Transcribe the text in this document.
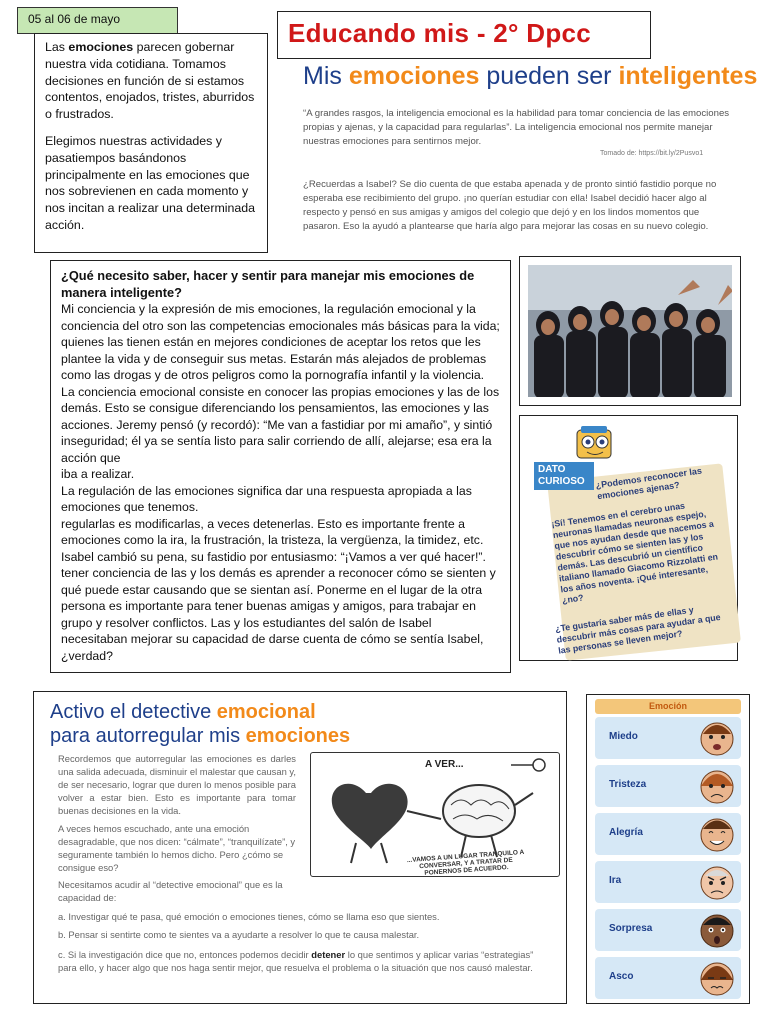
05 al 06 de mayo

Las emociones parecen gobernar nuestra vida cotidiana. Tomamos decisiones en función de si estamos contentos, enojados, tristes, aburridos o frustrados.

Elegimos nuestras actividades y pasatiempos basándonos principalmente en las emociones que nos sobrevienen en cada momento y nos incitan a realizar una determinada acción.

Educando mis - 2° Dpcc
Mis emociones pueden ser inteligentes
“A grandes rasgos, la inteligencia emocional es la habilidad para tomar conciencia de las emociones propias y ajenas, y la capacidad para regularlas”. La inteligencia emocional nos permite manejar nuestras emociones para sentirnos mejor.
Tomado de: https://bit.ly/2Pusvo1
¿Recuerdas a Isabel? Se dio cuenta de que estaba apenada y de pronto sintió fastidio porque no esperaba ese recibimiento del grupo. ¡no querían estudiar con ella! Isabel decidió hacer algo al respecto y pensó en sus amigas y amigos del colegio que dejó y en los lindos momentos que pasaron. Eso la ayudó a plantearse que haría algo para mejorar las cosas en su nuevo colegio.

¿Qué necesito saber, hacer y sentir para manejar mis emociones de manera inteligente?

Mi conciencia y la expresión de mis emociones, la regulación emocional y la conciencia del otro son las competencias emocionales más básicas para la vida; quienes las tienen están en mejores condiciones de aceptar los retos que les plantee la vida y de conseguir sus metas. Estarán más alejados de problemas como las drogas y de otros peligros como la pornografía infantil y la violencia. La conciencia emocional consiste en conocer las propias emociones y las de los demás. Esto se consigue diferenciando los pensamientos, las emociones y las acciones. Jeremy pensó (y recordó): “Me van a fastidiar por mi amaño”, y sintió inseguridad; él ya se sentía listo para salir corriendo de allí, alejarse; esa era la acción que

iba a realizar.

La regulación de las emociones significa dar una respuesta apropiada a las emociones que tenemos.

regularlas es modificarlas, a veces detenerlas. Esto es importante frente a emociones como la ira, la frustración, la tristeza, la vergüenza, la timidez, etc. Isabel cambió su pena, su fastidio por entusiasmo: “¡Vamos a ver qué hacer!”. tener conciencia de las y los demás es aprender a reconocer cómo se sienten y qué puede estar causando que se sientan así. Ponerme en el lugar de la otra persona es importante para tener buenas amigas y amigos, para trabajar en grupo y resolver conflictos. Las y los estudiantes del salón de Isabel necesitaban mejorar su capacidad de darse cuenta de cómo se sentía Isabel, ¿verdad?

DATO CURIOSO	¿Podemos reconocer las emociones ajenas?
¡Sí! Tenemos en el cerebro unas neuronas llamadas neuronas espejo, que nos ayudan desde que nacemos a descubrir cómo se sienten las y los demás. Las descubrió un científico italiano llamado Giacomo Rizzolatti en los años noventa. ¡Qué interesante, ¿no?
¿Te gustaría saber más de ellas y descubrir más cosas para ayudar a que las personas se lleven mejor?
Activo el detective emocional
para autorregular mis emociones
Recordemos que autorregular las emociones es darles una salida adecuada, disminuir el malestar que causan y, de ser necesario, lograr que duren lo menos posible para volver a estar bien. Esto es importante para tomar buenas decisiones en la vida.
A veces hemos escuchado, ante una emoción desagradable, que nos dicen: “cálmate”, “tranquilízate”, y seguramente también lo hemos dicho. Pero ¿cómo se consigue eso?
Necesitamos acudir al “detective emocional” que es la capacidad de:
a. Investigar qué te pasa, qué emoción o emociones tienes, cómo se llama eso que sientes.
b. Pensar si sentirte como te sientes va a ayudarte a resolver lo que te causa malestar.
c. Si la investigación dice que no, entonces podemos decidir detener lo que sentimos y aplicar varias “estrategias” para ello, y hacer algo que nos haga sentir mejor, que resuelva el problema o la situación que nos causó malestar.
A VER...
...VAMOS A UN LUGAR TRANQUILO A CONVERSAR, Y A TRATAR DE PONERNOS DE ACUERDO.
Emoción
Miedo
Tristeza
Alegría
Ira
Sorpresa
Asco
